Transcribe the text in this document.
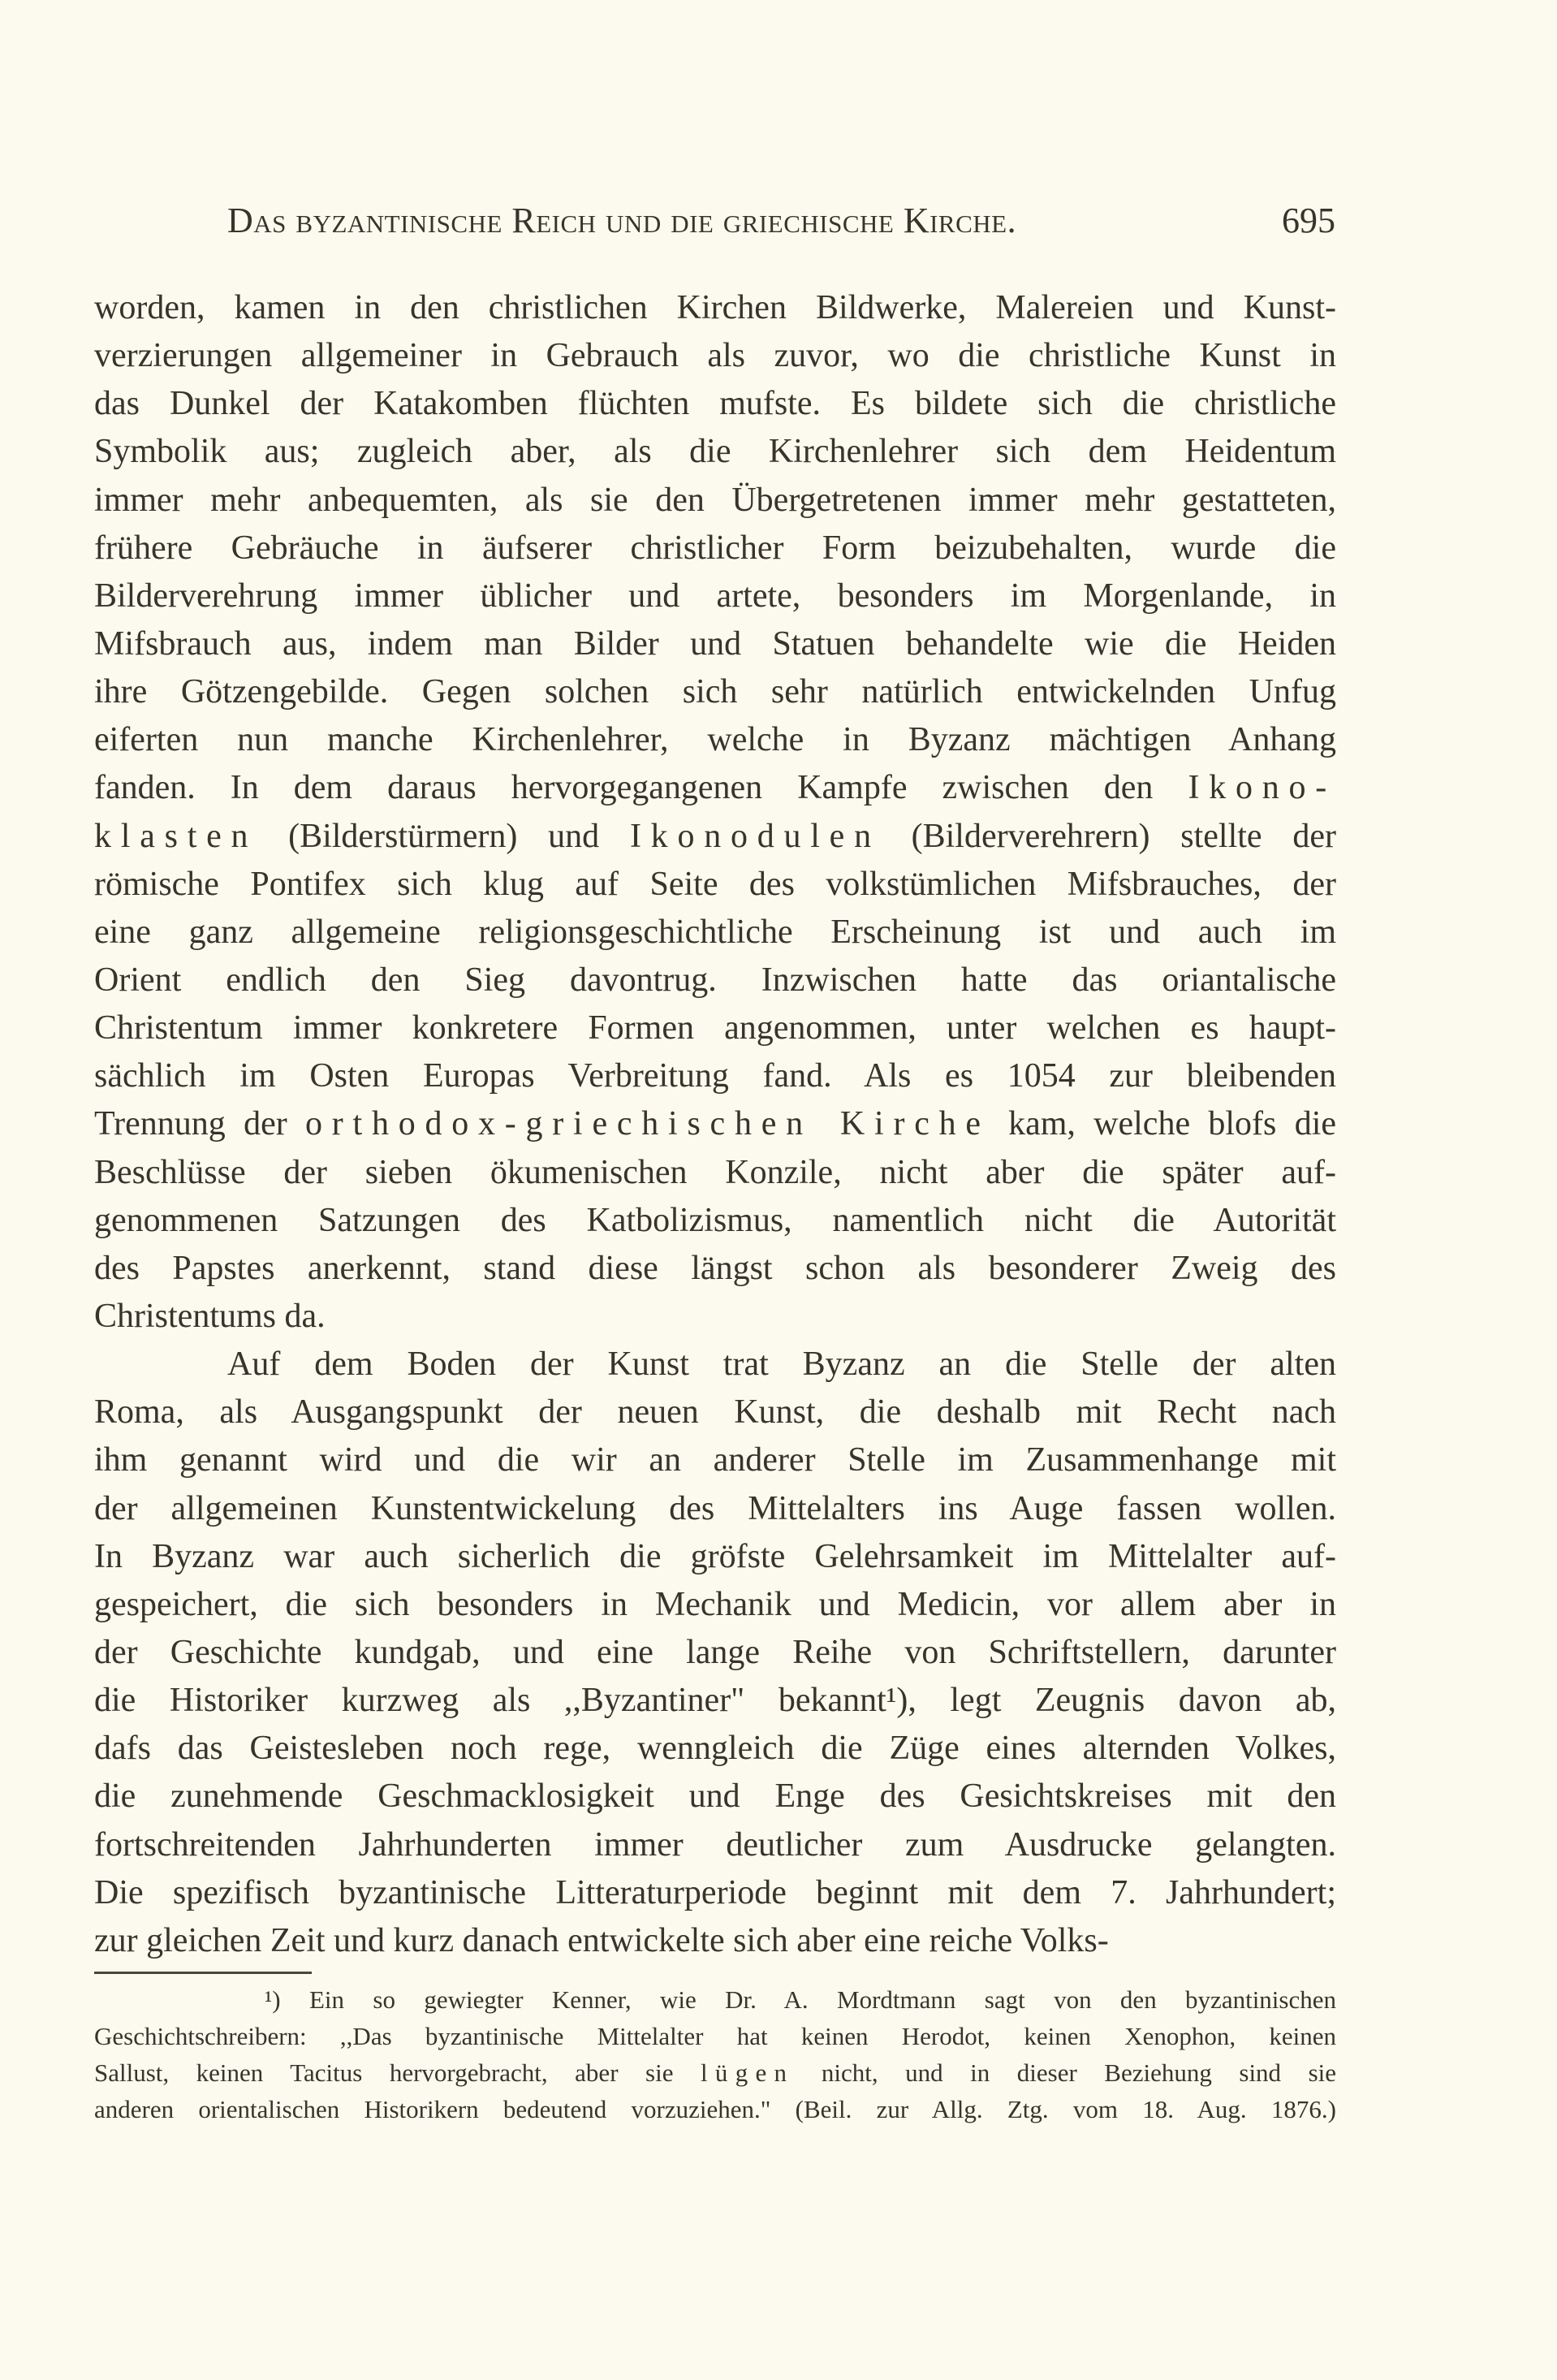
Das byzantinische Reich und die griechische Kirche.	695
worden, kamen in den christlichen Kirchen Bildwerke, Malereien und Kunst-
verzierungen allgemeiner in Gebrauch als zuvor, wo die christliche Kunst in
das Dunkel der Katakomben flüchten mufste. Es bildete sich die christliche
Symbolik aus; zugleich aber, als die Kirchenlehrer sich dem Heidentum
immer mehr anbequemten, als sie den Übergetretenen immer mehr gestatteten,
frühere Gebräuche in äufserer christlicher Form beizubehalten, wurde die
Bilderverehrung immer üblicher und artete, besonders im Morgenlande, in
Mifsbrauch aus, indem man Bilder und Statuen behandelte wie die Heiden
ihre Götzengebilde. Gegen solchen sich sehr natürlich entwickelnden Unfug
eiferten nun manche Kirchenlehrer, welche in Byzanz mächtigen Anhang
fanden. In dem daraus hervorgegangenen Kampfe zwischen den Ikono-
klasten (Bilderstürmern) und Ikonodulen (Bilderverehrern) stellte der
römische Pontifex sich klug auf Seite des volkstümlichen Mifsbrauches, der
eine ganz allgemeine religionsgeschichtliche Erscheinung ist und auch im
Orient endlich den Sieg davontrug. Inzwischen hatte das oriantalische
Christentum immer konkretere Formen angenommen, unter welchen es haupt-
sächlich im Osten Europas Verbreitung fand. Als es 1054 zur bleibenden
Trennung der orthodox-griechischen Kirche kam, welche blofs die
Beschlüsse der sieben ökumenischen Konzile, nicht aber die später auf-
genommenen Satzungen des Katbolizismus, namentlich nicht die Autorität
des Papstes anerkennt, stand diese längst schon als besonderer Zweig des
Christentums da.
Auf dem Boden der Kunst trat Byzanz an die Stelle der alten
Roma, als Ausgangspunkt der neuen Kunst, die deshalb mit Recht nach
ihm genannt wird und die wir an anderer Stelle im Zusammenhange mit
der allgemeinen Kunstentwickelung des Mittelalters ins Auge fassen wollen.
In Byzanz war auch sicherlich die gröfste Gelehrsamkeit im Mittelalter auf-
gespeichert, die sich besonders in Mechanik und Medicin, vor allem aber in
der Geschichte kundgab, und eine lange Reihe von Schriftstellern, darunter
die Historiker kurzweg als ,,Byzantiner" bekannt¹), legt Zeugnis davon ab,
dafs das Geistesleben noch rege, wenngleich die Züge eines alternden Volkes,
die zunehmende Geschmacklosigkeit und Enge des Gesichtskreises mit den
fortschreitenden Jahrhunderten immer deutlicher zum Ausdrucke gelangten.
Die spezifisch byzantinische Litteraturperiode beginnt mit dem 7. Jahrhundert;
zur gleichen Zeit und kurz danach entwickelte sich aber eine reiche Volks-
¹) Ein so gewiegter Kenner, wie Dr. A. Mordtmann sagt von den byzantinischen
Geschichtschreibern: ,,Das byzantinische Mittelalter hat keinen Herodot, keinen Xenophon, keinen
Sallust, keinen Tacitus hervorgebracht, aber sie lügen nicht, und in dieser Beziehung sind sie
anderen orientalischen Historikern bedeutend vorzuziehen." (Beil. zur Allg. Ztg. vom 18. Aug. 1876.)
